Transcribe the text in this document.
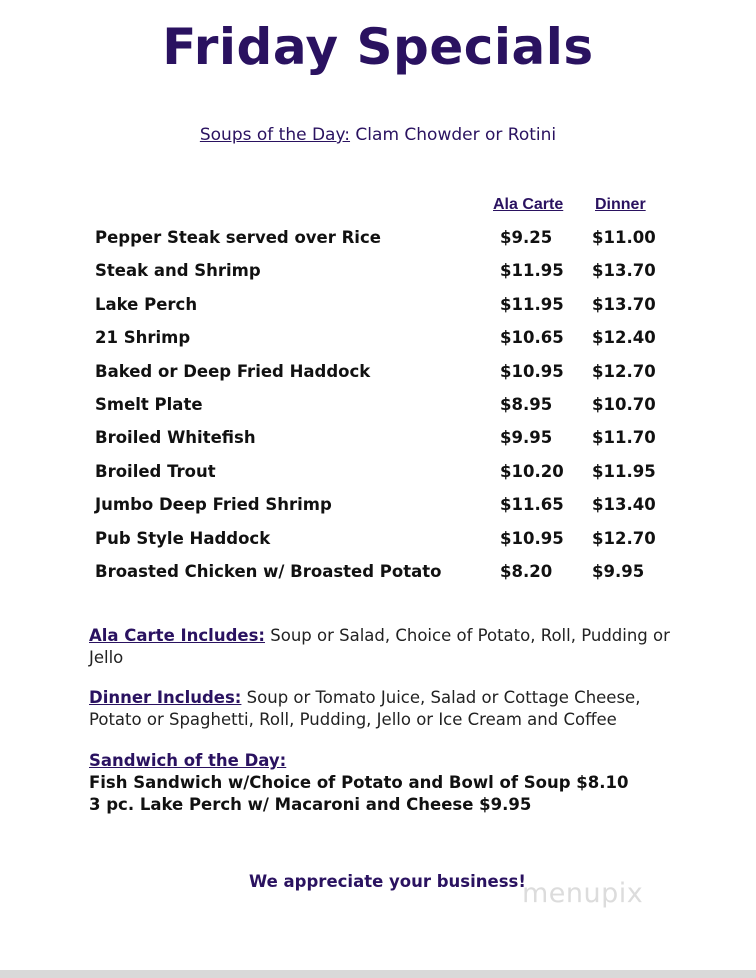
Friday Specials
Soups of the Day: Clam Chowder or Rotini
Ala Carte Dinner
Pepper Steak served over Rice	$9.25 $11.00
Steak and Shrimp	$11.95 $13.70
Lake Perch	$11.95 $13.70
21 Shrimp	$10.65 $12.40
Baked or Deep Fried Haddock	$10.95 $12.70
Smelt Plate	$8.95 $10.70
Broiled Whitefish	$9.95 $11.70
Broiled Trout	$10.20 $11.95
Jumbo Deep Fried Shrimp	$11.65 $13.40
Pub Style Haddock	$10.95 $12.70
Broasted Chicken w/ Broasted Potato	$8.20 $9.95
Ala Carte Includes: Soup or Salad, Choice of Potato, Roll, Pudding or Jello
Dinner Includes: Soup or Tomato Juice, Salad or Cottage Cheese, Potato or Spaghetti, Roll, Pudding, Jello or Ice Cream and Coffee
Sandwich of the Day:
Fish Sandwich w/Choice of Potato and Bowl of Soup $8.10
3 pc. Lake Perch w/ Macaroni and Cheese $9.95
We appreciate your business!
menupix
